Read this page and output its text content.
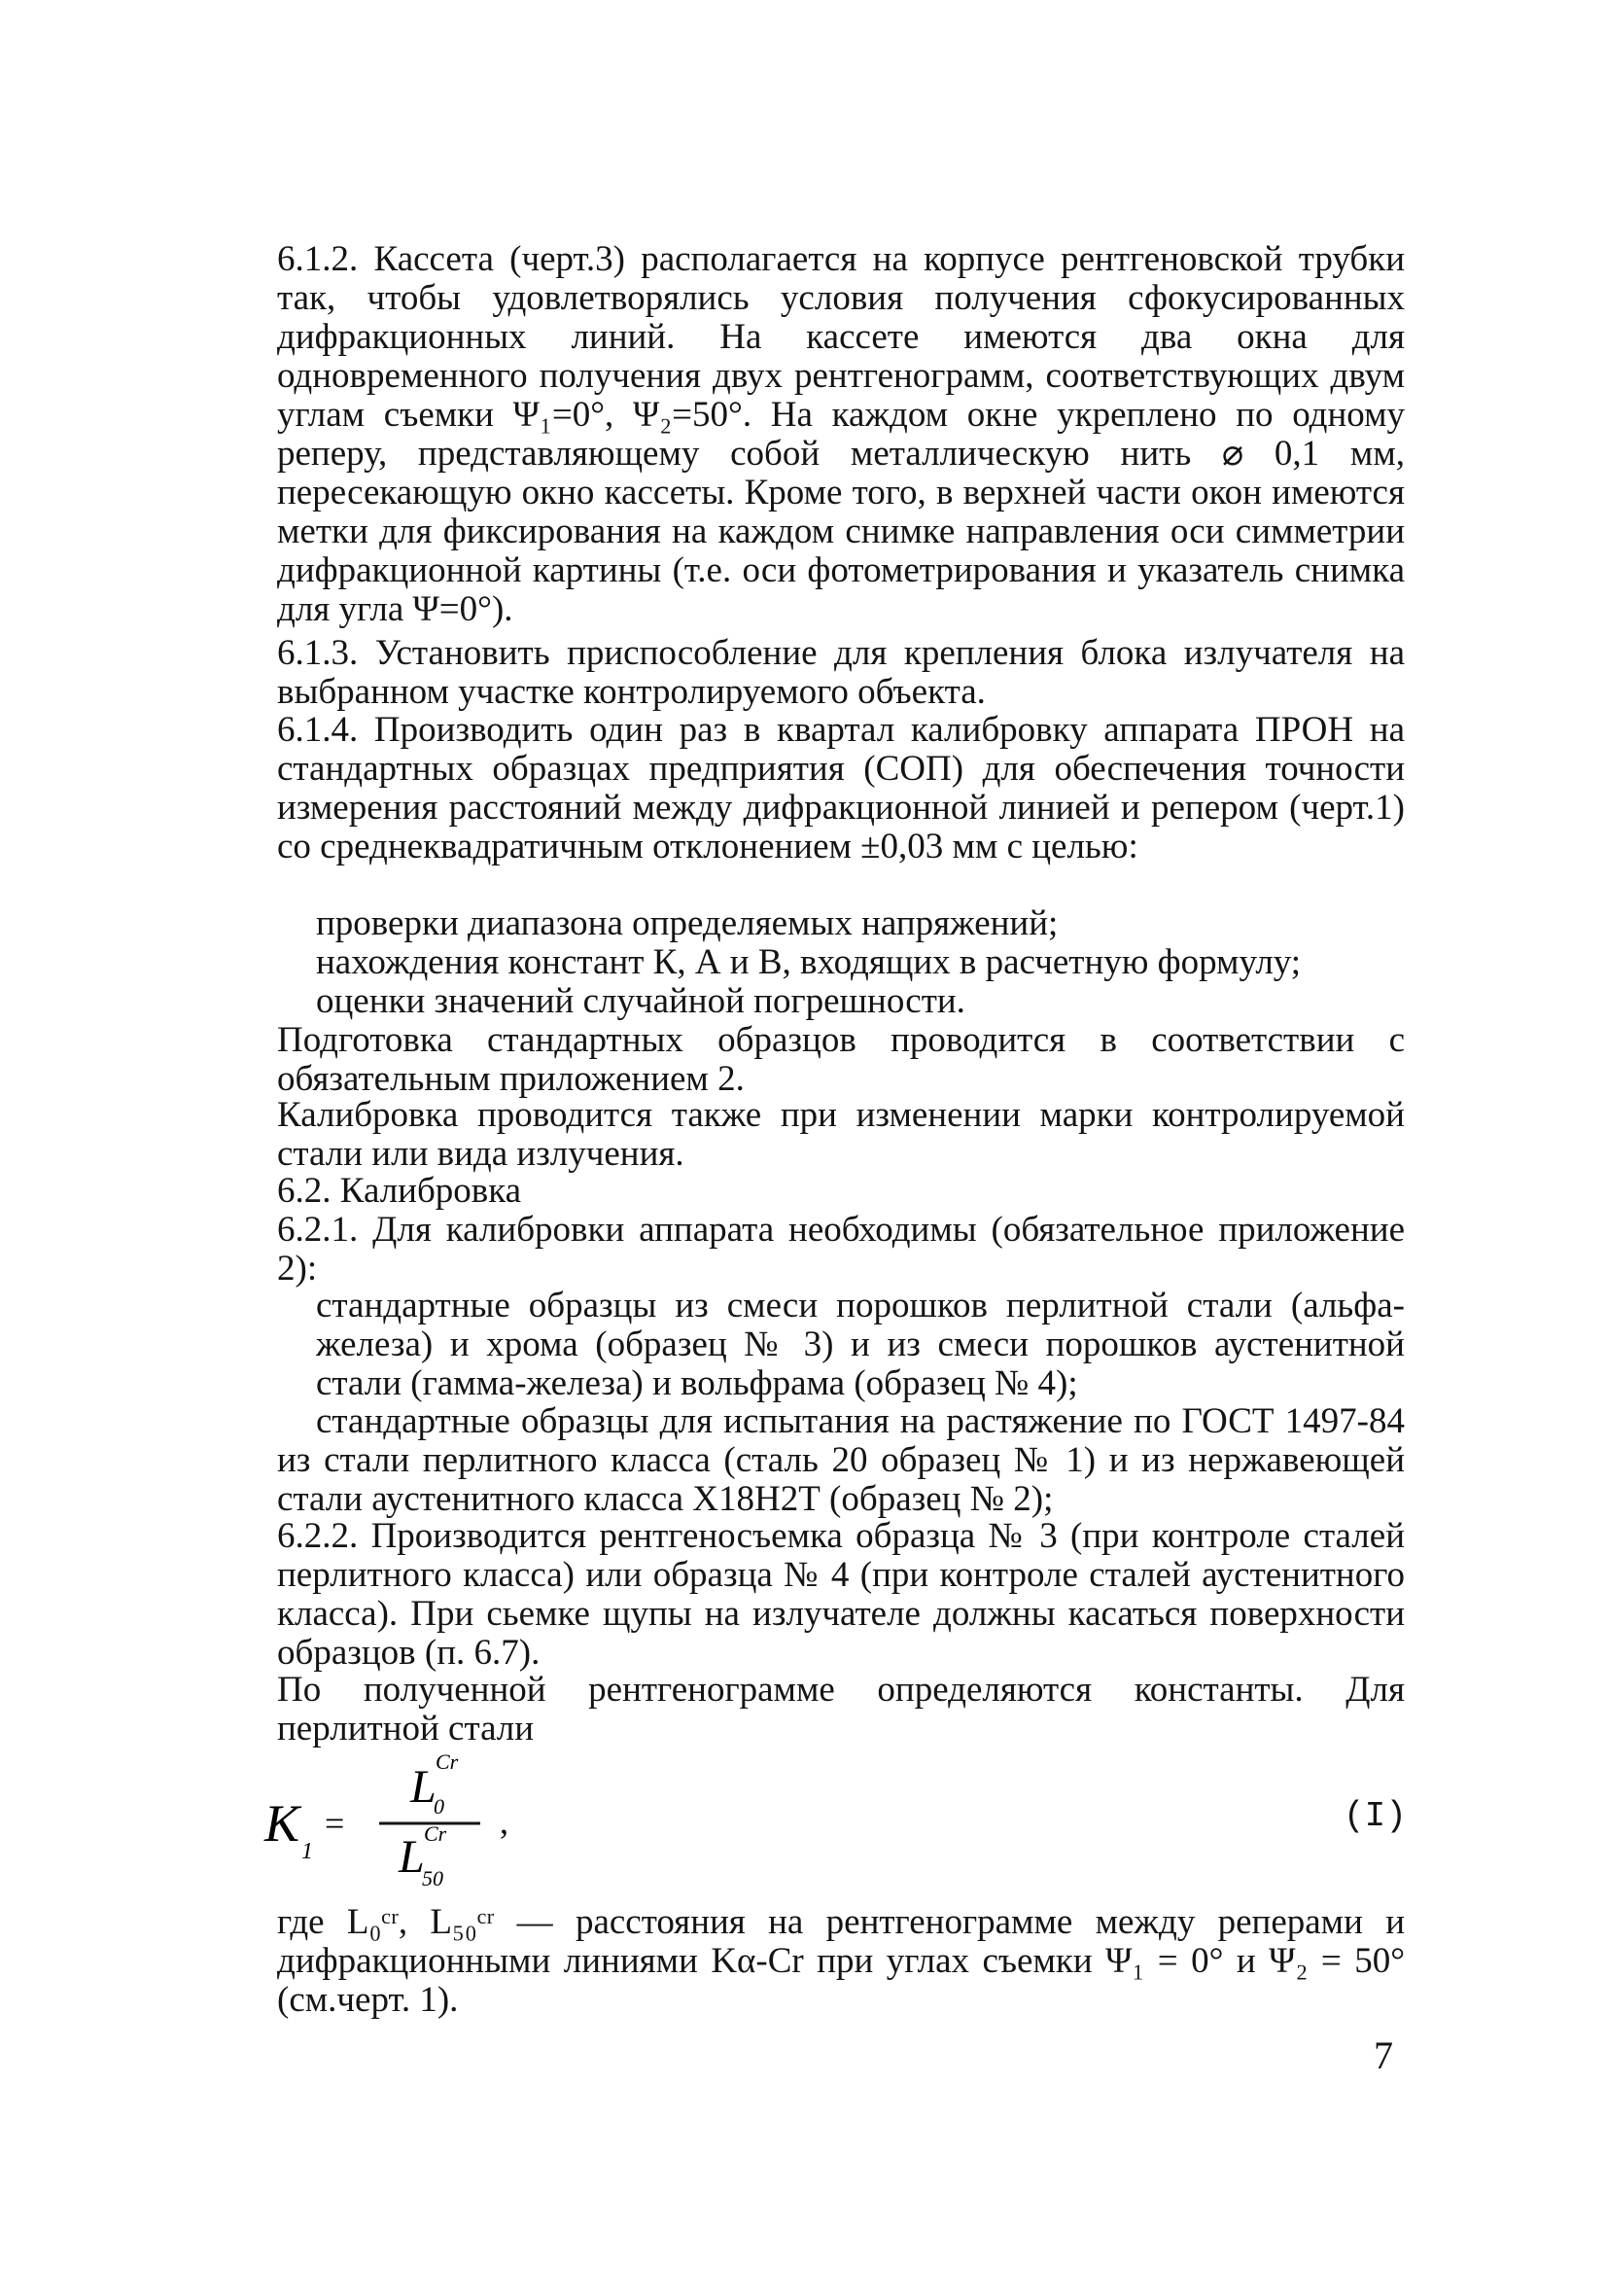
6.1.2. Кассета (черт.3) располагается на корпусе рентгеновской трубки так, чтобы удовлетворялись условия получения сфокусированных дифракционных линий. На кассете имеются два окна для одновременного получения двух рентгенограмм, соответствующих двум углам съемки Ψ₁=0°, Ψ₂=50°. На каждом окне укреплено по одному реперу, представляющему собой металлическую нить ⌀ 0,1 мм, пересекающую окно кассеты. Кроме того, в верхней части окон имеются метки для фиксирования на каждом снимке направления оси симметрии дифракционной картины (т.е. оси фотометрирования и указатель снимка для угла Ψ=0°).

6.1.3. Установить приспособление для крепления блока излучателя на выбранном участке контролируемого объекта.

6.1.4. Производить один раз в квартал калибровку аппарата ПРОН на стандартных образцах предприятия (СОП) для обеспечения точности измерения расстояний между дифракционной линией и репером (черт.1) со среднеквадратичным отклонением ±0,03 мм с целью:

проверки диапазона определяемых напряжений;

нахождения констант К, А и В, входящих в расчетную формулу;

оценки значений случайной погрешности.

Подготовка стандартных образцов проводится в соответствии с обязательным приложением 2.

Калибровка проводится также при изменении марки контролируемой стали или вида излучения.

6.2. Калибровка

6.2.1. Для калибровки аппарата необходимы (обязательное приложение 2):

стандартные образцы из смеси порошков перлитной стали (альфа-железа) и хрома (образец № 3) и из смеси порошков аустенитной стали (гамма-железа) и вольфрама (образец № 4);

стандартные образцы для испытания на растяжение по ГОСТ 1497-84 из стали перлитного класса (сталь 20 образец № 1) и из нержавеющей стали аустенитного класса Х18Н2Т (образец № 2);

6.2.2. Производится рентгеносъемка образца № 3 (при контроле сталей перлитного класса) или образца № 4 (при контроле сталей аустенитного класса). При сьемке щупы на излучателе должны касаться поверхности образцов (п. 6.7).

По полученной рентгенограмме определяются константы. Для перлитной стали

K 1
=
L
0
Cr
L
50
Cr ,	(I)

где L₀ᶜʳ, L₅₀ᶜʳ — расстояния на рентгенограмме между реперами и дифракционными линиями Kα-Cr при углах съемки Ψ₁ = 0° и Ψ₂ = 50° (см.черт. 1).

7
